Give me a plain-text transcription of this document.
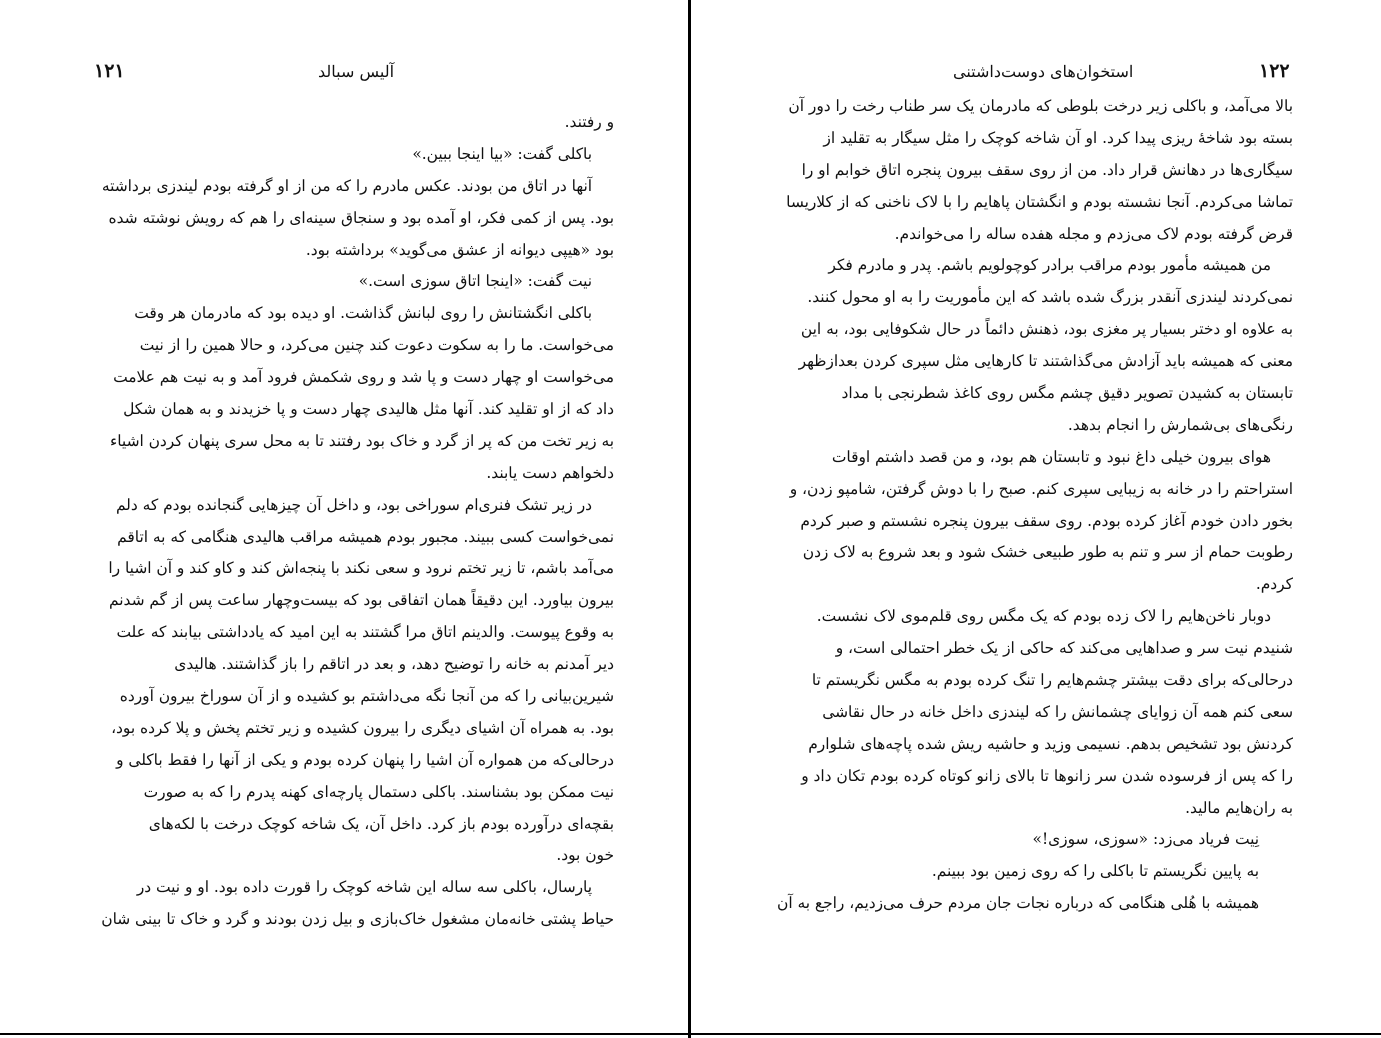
۱۲۱	آلیس سبالد
و رفتند.
باکلی گفت: «بیا اینجا ببین.»
آنها در اتاق من بودند. عکس مادرم را که من از او گرفته بودم لیندزی برداشته
بود. پس از کمی فکر، او آمده بود و سنجاق سینه‌ای را هم که رویش نوشته شده
بود «هیپی دیوانه از عشق می‌گوید» برداشته بود.
نیت گفت: «اینجا اتاق سوزی است.»
باکلی انگشتانش را روی لبانش گذاشت. او دیده بود که مادرمان هر وقت
می‌خواست. ما را به سکوت دعوت کند چنین می‌کرد، و حالا همین را از نیت
می‌خواست او چهار دست و پا شد و روی شکمش فرود آمد و به نیت هم علامت
داد که از او تقلید کند. آنها مثل هالیدی چهار دست و پا خزیدند و به همان شکل
به زیر تخت من که پر از گرد و خاک بود رفتند تا به محل سری پنهان کردن اشیاء
دلخواهم دست یابند.
در زیر تشک فنری‌ام سوراخی بود، و داخل آن چیزهایی گنجانده بودم که دلم
نمی‌خواست کسی ببیند. مجبور بودم همیشه مراقب هالیدی هنگامی که به اتاقم
می‌آمد باشم، تا زیر تختم نرود و سعی نکند با پنجه‌اش کند و کاو کند و آن اشیا را
بیرون بیاورد. این دقیقاً همان اتفاقی بود که بیست‌وچهار ساعت پس از گم شدنم
به وقوع پیوست. والدینم اتاق مرا گشتند به این امید که یادداشتی بیابند که علت
دیر آمدنم به خانه را توضیح دهد، و بعد در اتاقم را باز گذاشتند. هالیدی
شیرین‌بیانی را که من آنجا نگه می‌داشتم بو کشیده و از آن سوراخ بیرون آورده
بود. به همراه آن اشیای دیگری را بیرون کشیده و زیر تختم پخش و پلا کرده بود،
درحالی‌که من همواره آن اشیا را پنهان کرده بودم و یکی از آنها را فقط باکلی و
نیت ممکن بود بشناسند. باکلی دستمال پارچه‌ای کهنه پدرم را که به صورت
بقچه‌ای درآورده بودم باز کرد. داخل آن، یک شاخه کوچک درخت با لکه‌های
خون بود.
پارسال، باکلی سه ساله این شاخه کوچک را قورت داده بود. او و نیت در
حیاط پشتی خانه‌مان مشغول خاک‌بازی و بیل زدن بودند و گرد و خاک تا بینی شان
۱۲۲
استخوان‌های دوست‌داشتنی
بالا می‌آمد، و باکلی زیر درخت بلوطی که مادرمان یک سر طناب رخت را دور آن
بسته بود شاخهٔ ریزی پیدا کرد. او آن شاخه کوچک را مثل سیگار به تقلید از
سیگاری‌ها در دهانش قرار داد. من از روی سقف بیرون پنجره اتاق خوابم او را
تماشا می‌کردم. آنجا نشسته بودم و انگشتان پاهایم را با لاک ناخنی که از کلاریسا
قرض گرفته بودم لاک می‌زدم و مجله هفده ساله را می‌خواندم.
من همیشه مأمور بودم مراقب برادر کوچولویم باشم. پدر و مادرم فکر
نمی‌کردند لیندزی آنقدر بزرگ شده باشد که این مأموریت را به او محول کنند.
به علاوه او دختر بسیار پر مغزی بود، ذهنش دائماً در حال شکوفایی بود، به این
معنی که همیشه باید آزادش می‌گذاشتند تا کارهایی مثل سپری کردن بعدازظهر
تابستان به کشیدن تصویر دقیق چشم مگس روی کاغذ شطرنجی با مداد
رنگی‌های بی‌شمارش را انجام بدهد.
هوای بیرون خیلی داغ نبود و تابستان هم بود، و من قصد داشتم اوقات
استراحتم را در خانه به زیبایی سپری کنم. صبح را با دوش گرفتن، شامپو زدن، و
بخور دادن خودم آغاز کرده بودم. روی سقف بیرون پنجره نشستم و صبر کردم
رطوبت حمام از سر و تنم به طور طبیعی خشک شود و بعد شروع به لاک زدن
کردم.
دوبار ناخن‌هایم را لاک زده بودم که یک مگس روی قلم‌موی لاک نشست.
شنیدم نیت سر و صداهایی می‌کند که حاکی از یک خطر احتمالی است، و
درحالی‌که برای دقت بیشتر چشم‌هایم را تنگ کرده بودم به مگس نگریستم تا
سعی کنم همه آن زوایای چشمانش را که لیندزی داخل خانه در حال نقاشی
کردنش بود تشخیص بدهم. نسیمی وزید و حاشیه ریش شده پاچه‌های شلوارم
را که پس از فرسوده شدن سر زانوها تا بالای زانو کوتاه کرده بودم تکان داد و
به ران‌هایم مالید.
نِیت فریاد می‌زد: «سوزی، سوزی!»
به پایین نگریستم تا باکلی را که روی زمین بود ببینم.
همیشه با هُلی هنگامی که درباره نجات جان مردم حرف می‌زدیم، راجع به آن
